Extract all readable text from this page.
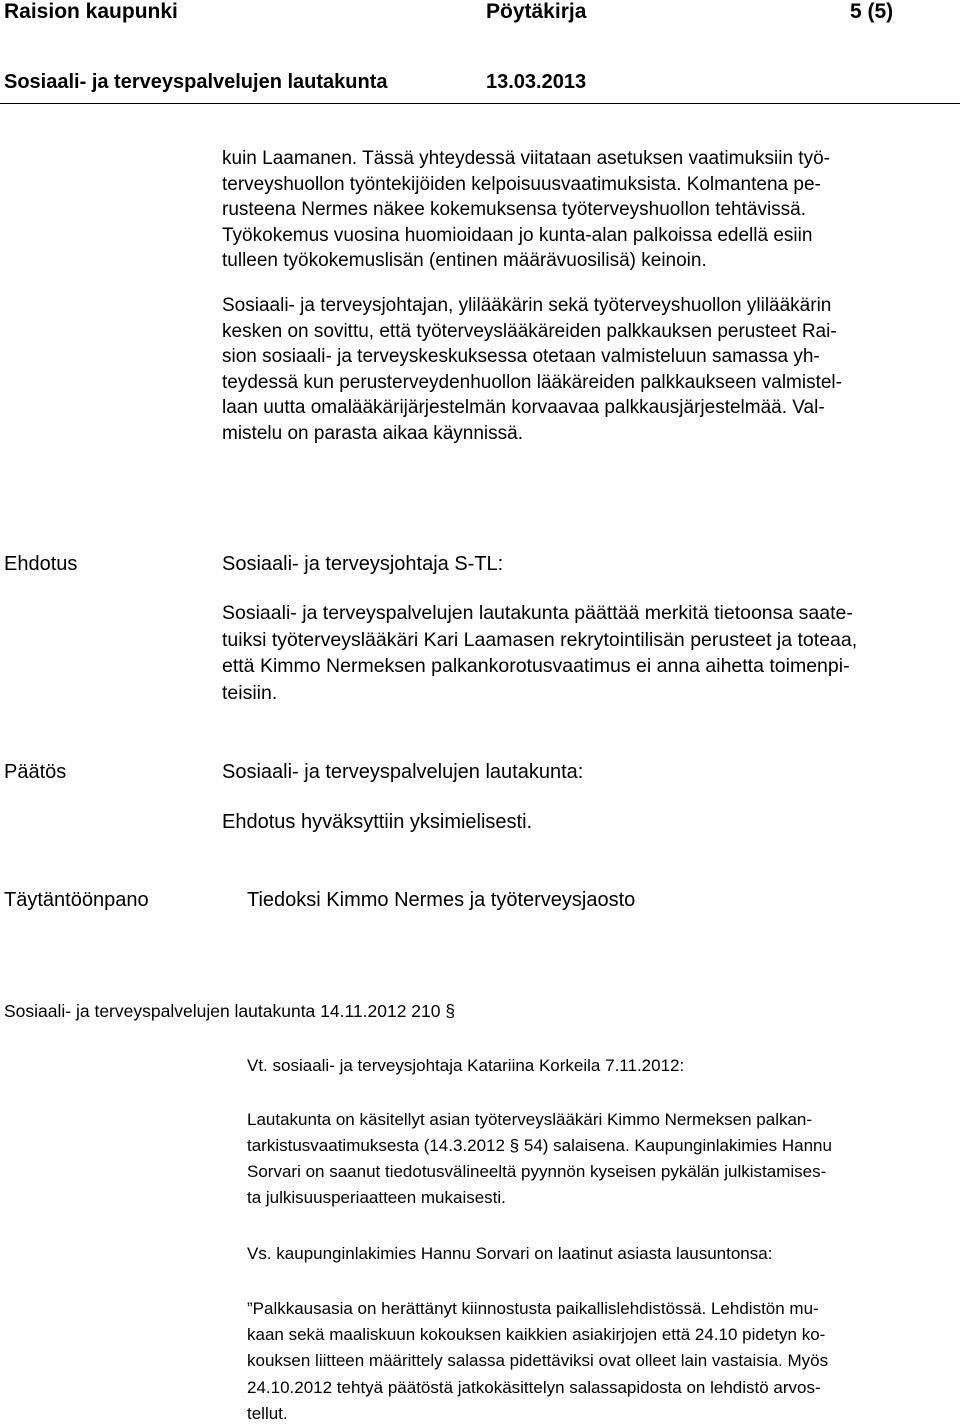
Raision kaupunki	Pöytäkirja	5 (5)
Sosiaali- ja terveyspalvelujen lautakunta	13.03.2013
kuin Laamanen. Tässä yhteydessä viitataan asetuksen vaatimuksiin työ-
terveyshuollon työntekijöiden kelpoisuusvaatimuksista. Kolmantena pe-
rusteena Nermes näkee kokemuksensa työterveyshuollon tehtävissä.
Työkokemus vuosina huomioidaan jo kunta-alan palkoissa edellä esiin
tulleen työkokemuslisän (entinen määrävuosilisä) keinoin.
Sosiaali- ja terveysjohtajan, ylilääkärin sekä työterveyshuollon ylilääkärin
kesken on sovittu, että työterveyslääkäreiden palkkauksen perusteet Rai-
sion sosiaali- ja terveyskeskuksessa otetaan valmisteluun samassa yh-
teydessä kun perusterveydenhuollon lääkäreiden palkkaukseen valmistel-
laan uutta omalääkärijärjestelmän korvaavaa palkkausjärjestelmää. Val-
mistelu on parasta aikaa käynnissä.
Ehdotus	Sosiaali- ja terveysjohtaja S-TL:
Sosiaali- ja terveyspalvelujen lautakunta päättää merkitä tietoonsa saate-
tuiksi työterveyslääkäri Kari Laamasen rekrytointilisän perusteet ja toteaa,
että Kimmo Nermeksen palkankorotusvaatimus ei anna aihetta toimenpi-
teisiin.
Päätös	Sosiaali- ja terveyspalvelujen lautakunta:
Ehdotus hyväksyttiin yksimielisesti.
Täytäntöönpano	Tiedoksi Kimmo Nermes ja työterveysjaosto
Sosiaali- ja terveyspalvelujen lautakunta 14.11.2012 210 §
Vt. sosiaali- ja terveysjohtaja Katariina Korkeila 7.11.2012:
Lautakunta on käsitellyt asian työterveyslääkäri Kimmo Nermeksen palkan-
tarkistusvaatimuksesta (14.3.2012 § 54) salaisena. Kaupunginlakimies Hannu
Sorvari on saanut tiedotusvälineeltä pyynnön kyseisen pykälän julkistamises-
ta julkisuusperiaatteen mukaisesti.
Vs. kaupunginlakimies Hannu Sorvari on laatinut asiasta lausuntonsa:
”Palkkausasia on herättänyt kiinnostusta paikallislehdistössä. Lehdistön mu-
kaan sekä maaliskuun kokouksen kaikkien asiakirjojen että 24.10 pidetyn ko-
kouksen liitteen määrittely salassa pidettäviksi ovat olleet lain vastaisia. Myös
24.10.2012 tehtyä päätöstä jatkokäsittelyn salassapidosta on lehdistö arvos-
tellut.
